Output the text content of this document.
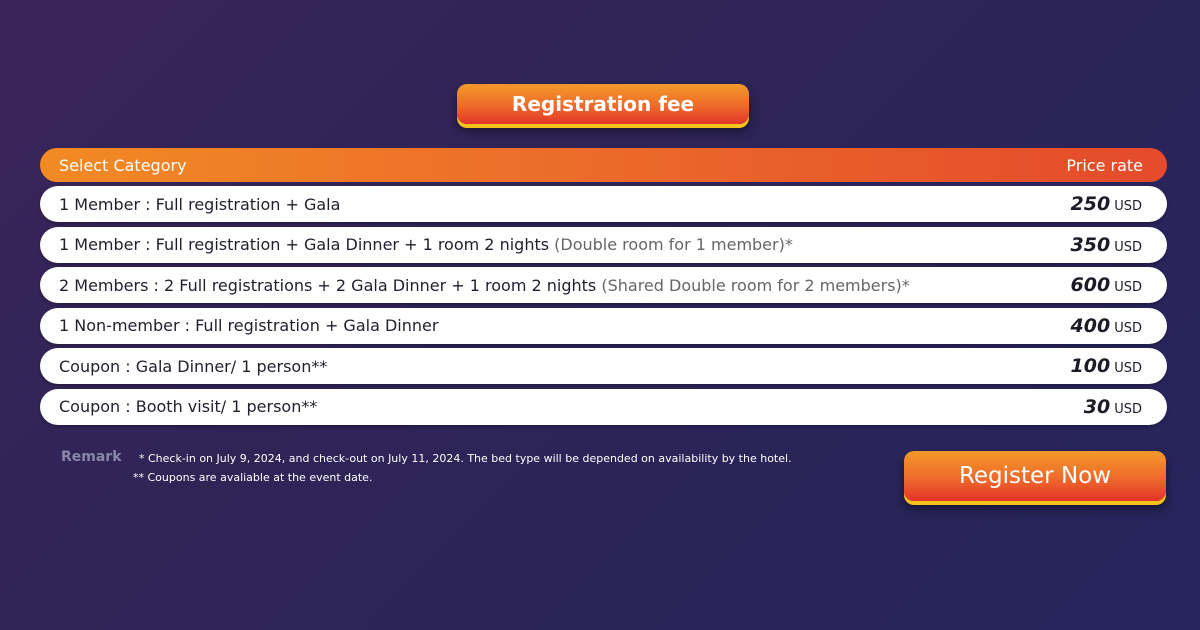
Registration fee
Select Category	Price rate
1 Member : Full registration + Gala	250 USD
1 Member : Full registration + Gala Dinner + 1 room 2 nights (Double room for 1 member)*	350 USD
2 Members : 2 Full registrations + 2 Gala Dinner + 1 room 2 nights (Shared Double room for 2 members)*	600 USD
1 Non-member : Full registration + Gala Dinner	400 USD
Coupon : Gala Dinner/ 1 person**	100 USD
Coupon : Booth visit/ 1 person**	30 USD
Remark * Check-in on July 9, 2024, and check-out on July 11, 2024. The bed type will be depended on availability by the hotel.
** Coupons are avaliable at the event date.	Register Now
